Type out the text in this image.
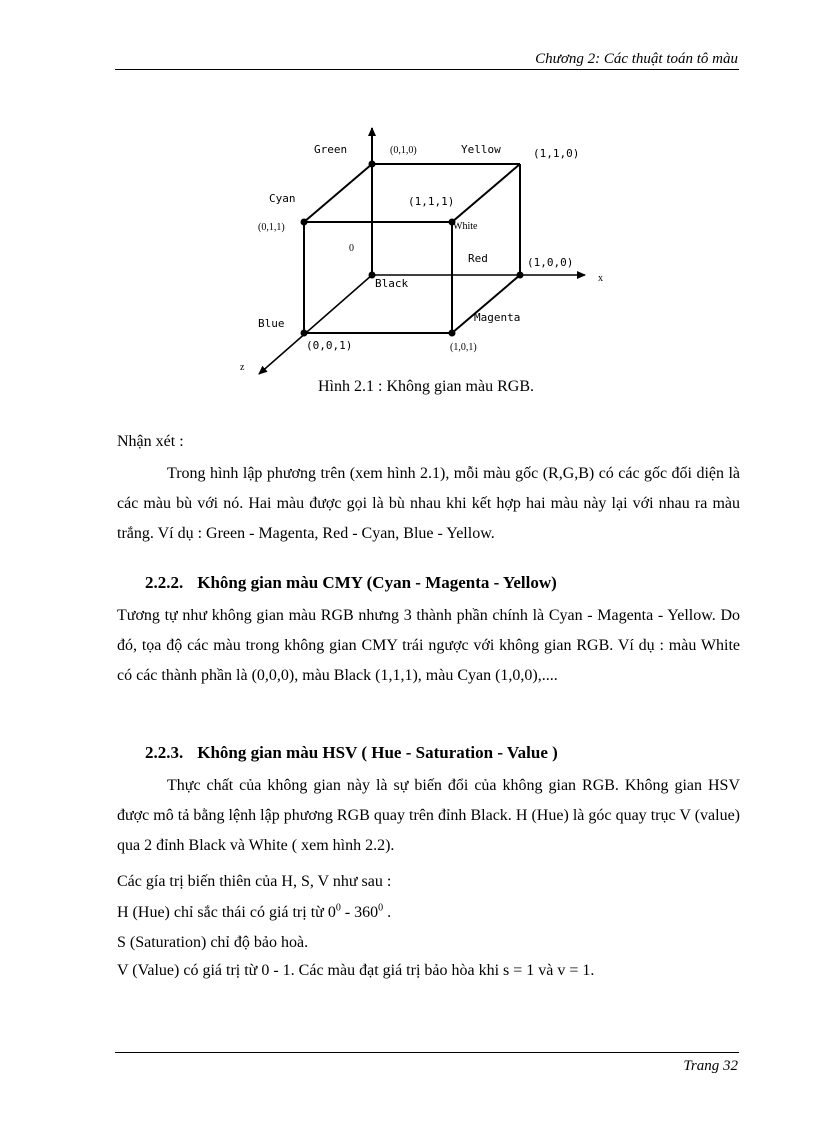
Chương 2: Các thuật toán tô màu
Green	(0,1,0)	Yellow	(1,1,0)
Cyan	(1,1,1)
(0,1,1)	White
0
Red	(1,0,0)
x
Black
Magenta
Blue
(0,0,1)	(1,0,1)
z
Hình 2.1 : Không gian màu RGB.
Nhận xét :
Trong hình lập phương trên (xem hình 2.1), mỗi màu gốc (R,G,B) có các gốc đối diện là các màu bù với nó. Hai màu được gọi là bù nhau khi kết hợp hai màu này lại với nhau ra màu trắng. Ví dụ : Green - Magenta, Red - Cyan, Blue - Yellow.
2.2.2. Không gian màu CMY (Cyan - Magenta - Yellow)
Tương tự như không gian màu RGB nhưng 3 thành phần chính là Cyan - Magenta - Yellow. Do đó, tọa độ các màu trong không gian CMY trái ngược với không gian RGB. Ví dụ : màu White có các thành phần là (0,0,0), màu Black (1,1,1), màu Cyan (1,0,0),....
2.2.3. Không gian màu HSV ( Hue - Saturation - Value )
Thực chất của không gian này là sự biến đổi của không gian RGB. Không gian HSV được mô tả bằng lệnh lập phương RGB quay trên đỉnh Black. H (Hue) là góc quay trục V (value) qua 2 đỉnh Black và White ( xem hình 2.2).
Các gía trị biến thiên của H, S, V như sau :
H (Hue) chỉ sắc thái có giá trị từ $0^0 - 360^0$ .
S (Saturation) chỉ độ bảo hoà.
V (Value) có giá trị từ 0 - 1. Các màu đạt giá trị bảo hòa khi s = 1 và v = 1.
Trang 32
